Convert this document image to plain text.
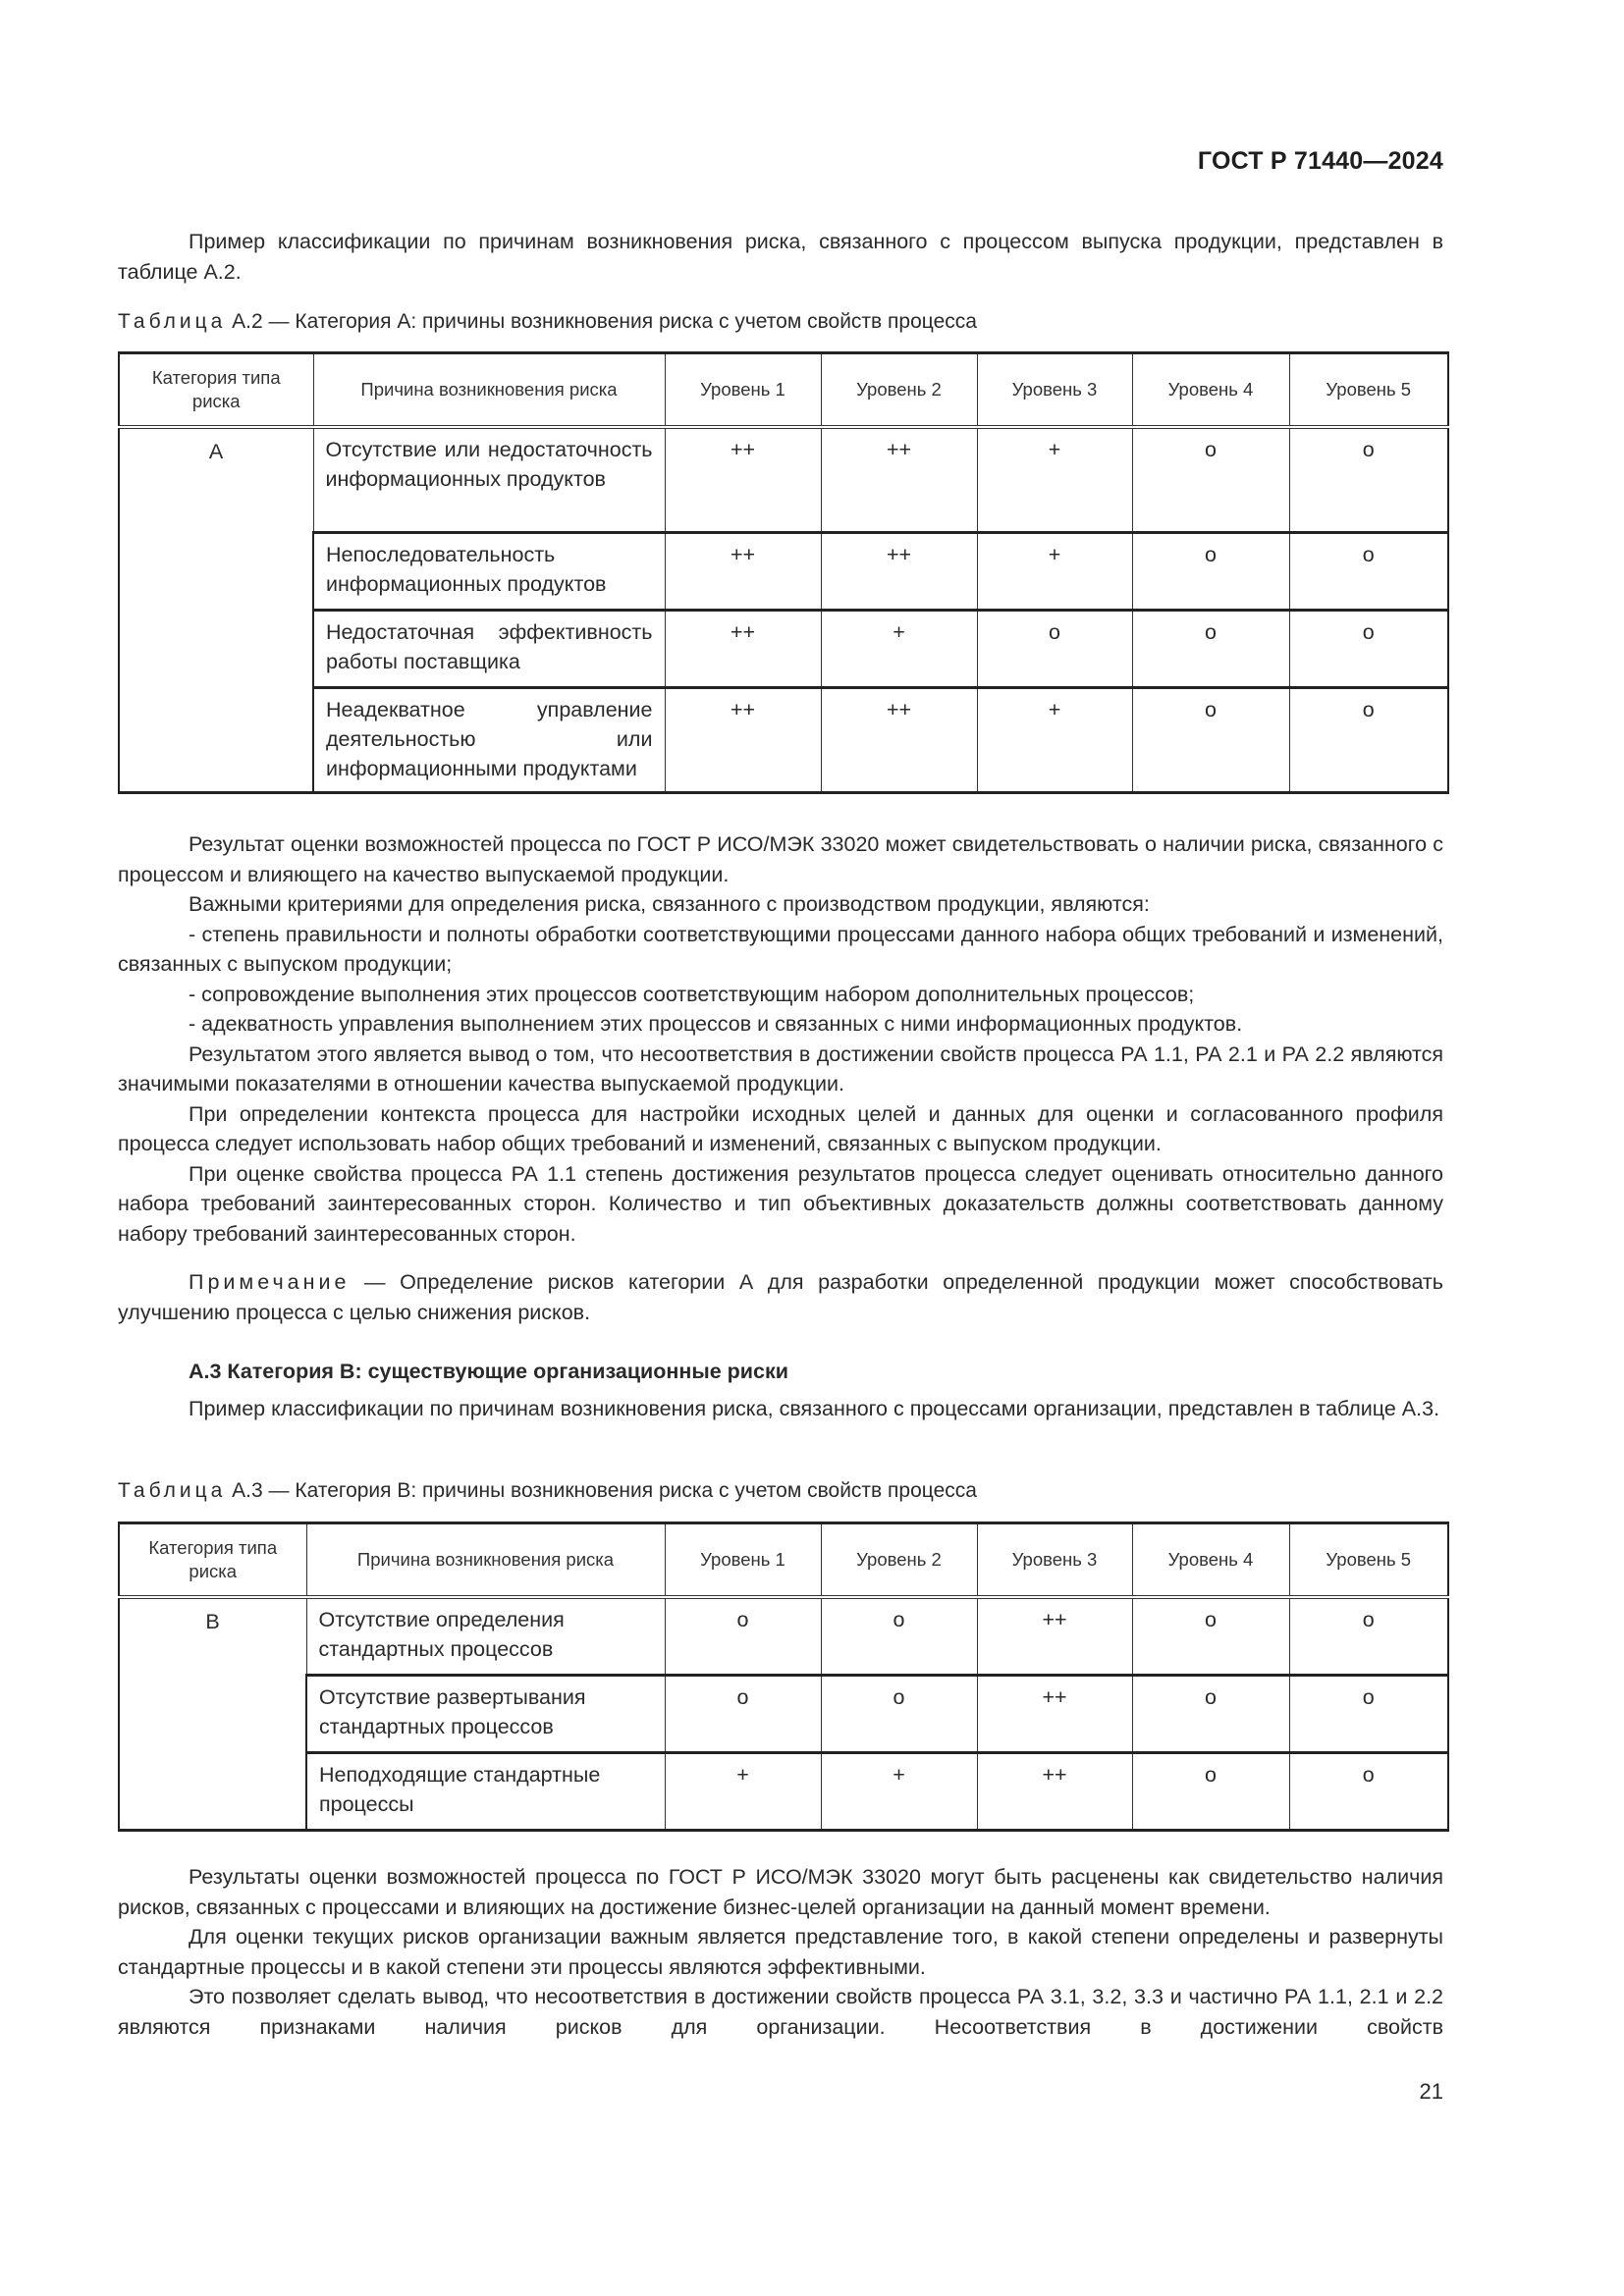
ГОСТ Р 71440—2024

Пример классификации по причинам возникновения риска, связанного с процессом выпуска продукции, представлен в таблице А.2.

Таблица А.2 — Категория А: причины возникновения риска с учетом свойств процесса
Категория типа риска	Причина возникновения риска	Уровень 1	Уровень 2	Уровень 3	Уровень 4	Уровень 5
А	Отсутствие или недостаточность информационных продуктов	++	++	+	о	о
	Непоследовательность информационных продуктов	++	++	+	о	о
	Недостаточная эффективность работы поставщика	++	+	о	о	о
	Неадекватное управление деятельностью или информационными продуктами	++	++	+	о	о

Результат оценки возможностей процесса по ГОСТ Р ИСО/МЭК 33020 может свидетельствовать о наличии риска, связанного с процессом и влияющего на качество выпускаемой продукции.

Важными критериями для определения риска, связанного с производством продукции, являются:

- степень правильности и полноты обработки соответствующими процессами данного набора общих требований и изменений, связанных с выпуском продукции;

- сопровождение выполнения этих процессов соответствующим набором дополнительных процессов;

- адекватность управления выполнением этих процессов и связанных с ними информационных продуктов.

Результатом этого является вывод о том, что несоответствия в достижении свойств процесса РА 1.1, РА 2.1 и РА 2.2 являются значимыми показателями в отношении качества выпускаемой продукции.

При определении контекста процесса для настройки исходных целей и данных для оценки и согласованного профиля процесса следует использовать набор общих требований и изменений, связанных с выпуском продукции.

При оценке свойства процесса РА 1.1 степень достижения результатов процесса следует оценивать относительно данного набора требований заинтересованных сторон. Количество и тип объективных доказательств должны соответствовать данному набору требований заинтересованных сторон.

Примечание — Определение рисков категории А для разработки определенной продукции может способствовать улучшению процесса с целью снижения рисков.

А.3 Категория В: существующие организационные риски

Пример классификации по причинам возникновения риска, связанного с процессами организации, представлен в таблице А.3.

Таблица А.3 — Категория В: причины возникновения риска с учетом свойств процесса
Категория типа риска	Причина возникновения риска	Уровень 1	Уровень 2	Уровень 3	Уровень 4	Уровень 5
В	Отсутствие определения стандартных процессов	о	о	++	о	о
	Отсутствие развертывания стандартных процессов	о	о	++	о	о
	Неподходящие стандартные процессы	+	+	++	о	о

Результаты оценки возможностей процесса по ГОСТ Р ИСО/МЭК 33020 могут быть расценены как свидетельство наличия рисков, связанных с процессами и влияющих на достижение бизнес-целей организации на данный момент времени.

Для оценки текущих рисков организации важным является представление того, в какой степени определены и развернуты стандартные процессы и в какой степени эти процессы являются эффективными.

Это позволяет сделать вывод, что несоответствия в достижении свойств процесса РА 3.1, 3.2, 3.3 и частично РА 1.1, 2.1 и 2.2 являются признаками наличия рисков для организации. Несоответствия в достижении свойств

21
